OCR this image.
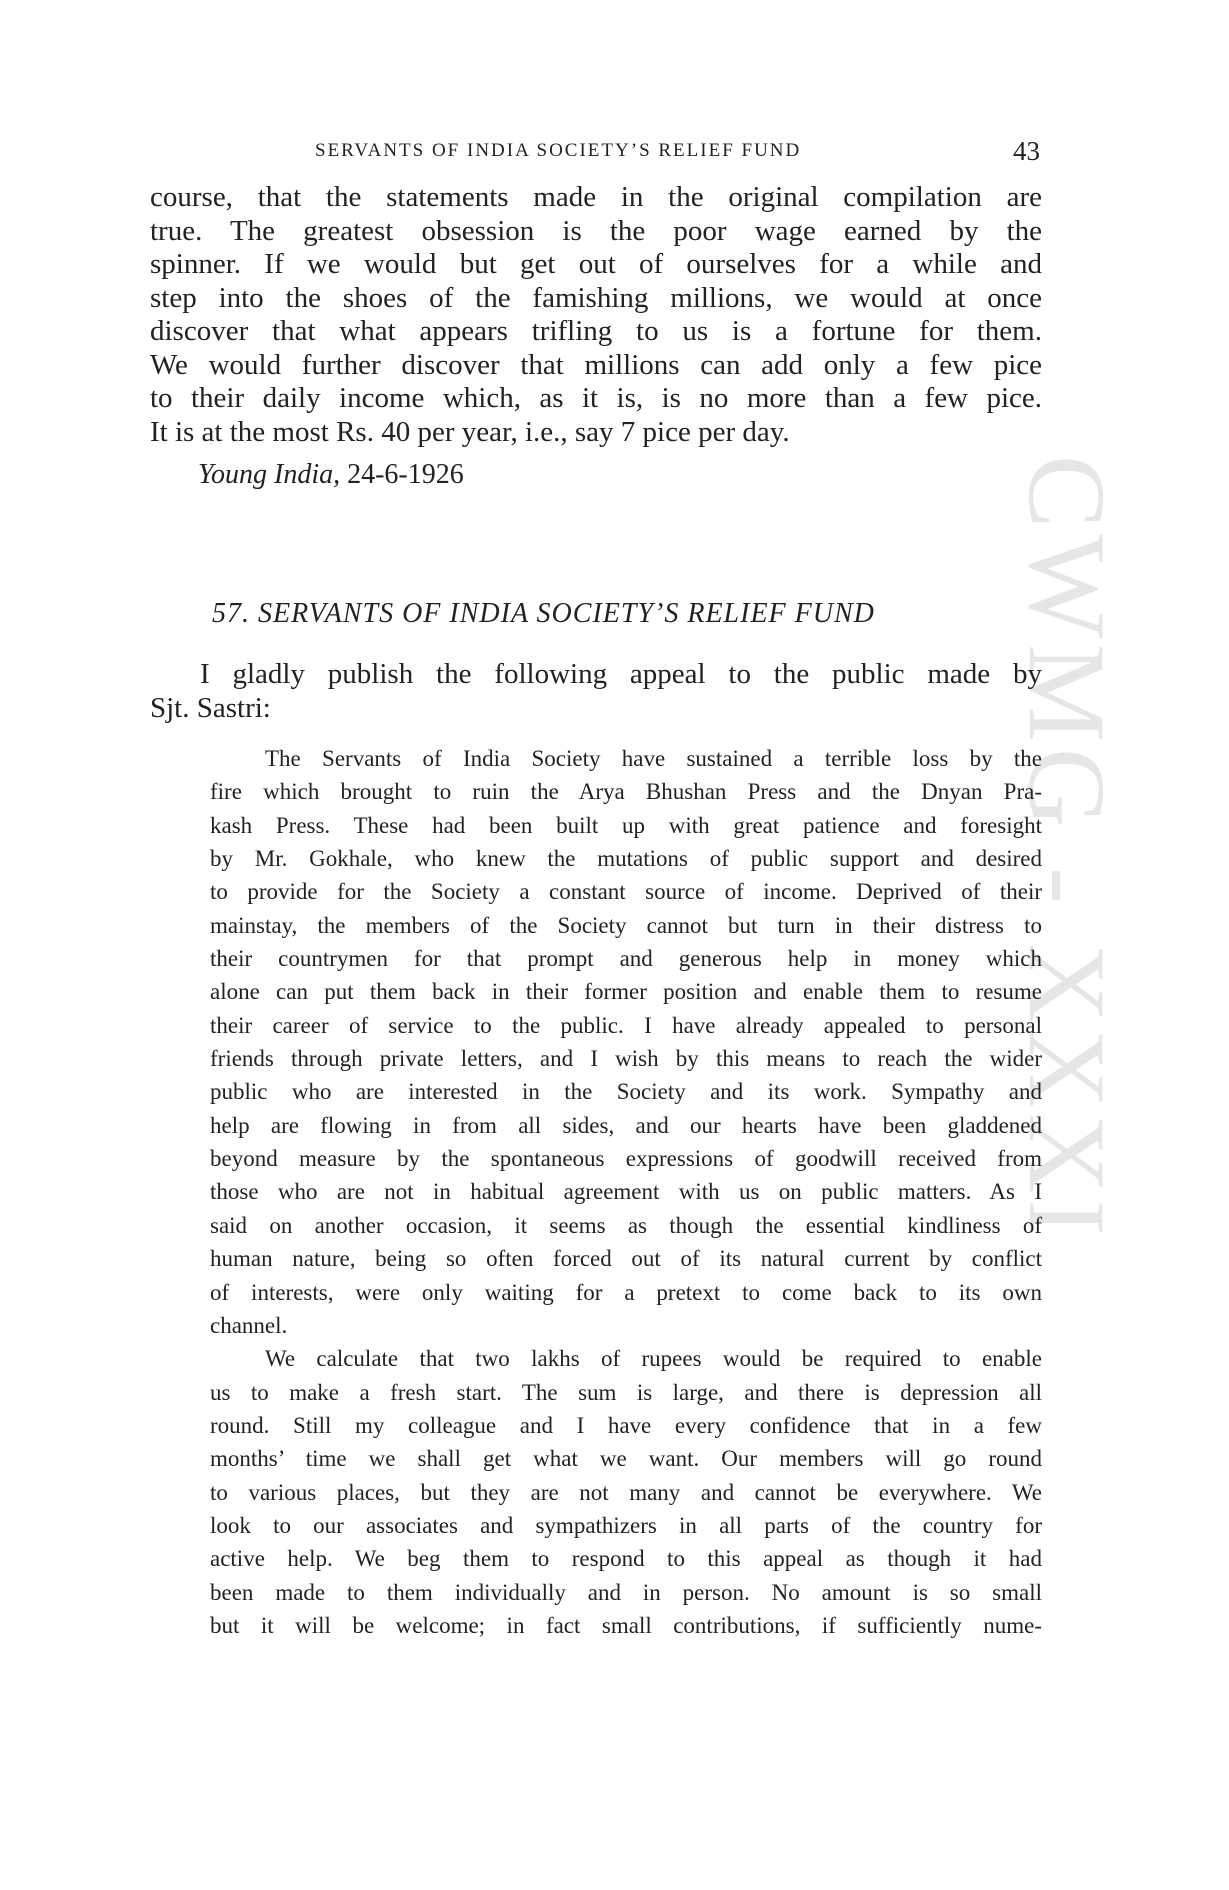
CWMG - XXXI
SERVANTS OF INDIA SOCIETY’S RELIEF FUND	43
course, that the statements made in the original compilation are
true. The greatest obsession is the poor wage earned by the
spinner. If we would but get out of ourselves for a while and
step into the shoes of the famishing millions, we would at once
discover that what appears trifling to us is a fortune for them.
We would further discover that millions can add only a few pice
to their daily income which, as it is, is no more than a few pice.
It is at the most Rs. 40 per year, i.e., say 7 pice per day.
Young India, 24-6-1926
57. SERVANTS OF INDIA SOCIETY’S RELIEF FUND
I gladly publish the following appeal to the public made by
Sjt. Sastri:
The Servants of India Society have sustained a terrible loss by the
fire which brought to ruin the Arya Bhushan Press and the Dnyan Pra-
kash Press. These had been built up with great patience and foresight
by Mr. Gokhale, who knew the mutations of public support and desired
to provide for the Society a constant source of income. Deprived of their
mainstay, the members of the Society cannot but turn in their distress to
their countrymen for that prompt and generous help in money which
alone can put them back in their former position and enable them to resume
their career of service to the public. I have already appealed to personal
friends through private letters, and I wish by this means to reach the wider
public who are interested in the Society and its work. Sympathy and
help are flowing in from all sides, and our hearts have been gladdened
beyond measure by the spontaneous expressions of goodwill received from
those who are not in habitual agreement with us on public matters. As I
said on another occasion, it seems as though the essential kindliness of
human nature, being so often forced out of its natural current by conflict
of interests, were only waiting for a pretext to come back to its own
channel.
We calculate that two lakhs of rupees would be required to enable
us to make a fresh start. The sum is large, and there is depression all
round. Still my colleague and I have every confidence that in a few
months’ time we shall get what we want. Our members will go round
to various places, but they are not many and cannot be everywhere. We
look to our associates and sympathizers in all parts of the country for
active help. We beg them to respond to this appeal as though it had
been made to them individually and in person. No amount is so small
but it will be welcome; in fact small contributions, if sufficiently nume-
